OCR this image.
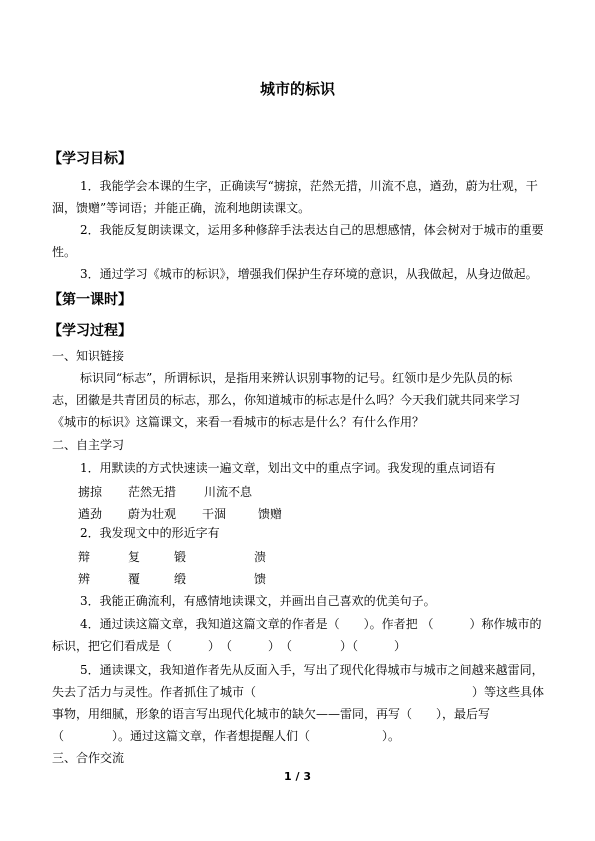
城市的标识
【学习目标】
1．我能学会本课的生字，正确读写“掳掠，茫然无措，川流不息，遒劲，蔚为壮观，干
涸，馈赠”等词语；并能正确，流利地朗读课文。
2．我能反复朗读课文，运用多种修辞手法表达自己的思想感情，体会树对于城市的重要
性。
3．通过学习《城市的标识》，增强我们保护生存环境的意识，从我做起，从身边做起。
【第一课时】
【学习过程】
一、知识链接
标识同“标志”，所谓标识，是指用来辨认识别事物的记号。红领巾是少先队员的标
志，团徽是共青团员的标志，那么，你知道城市的标志是什么吗？今天我们就共同来学习
《城市的标识》这篇课文，来看一看城市的标志是什么？有什么作用？
二、自主学习
1．用默读的方式快速读一遍文章，划出文中的重点字词。我发现的重点词语有
掳掠 茫然无措 川流不息
遒劲 蔚为壮观 干涸	馈赠
2．我发现文中的形近字有
辩	复	锻	溃
辨	覆	缎	馈
3．我能正确流利，有感情地读课文，并画出自己喜欢的优美句子。
4．通过读这篇文章，我知道这篇文章的作者是（　　）。作者把 （　　　）称作城市的
标识，把它们看成是（　　　）　（　　　）　（　　　　）（　　　）
5．通读课文，我知道作者先从反面入手，写出了现代化得城市与城市之间越来越雷同，
失去了活力与灵性。作者抓住了城市（　　　　　　　　　　　　　　　　　　）等这些具体
事物，用细腻，形象的语言写出现代化城市的缺欠——雷同，再写（　　），最后写
（　　　　）。通过这篇文章，作者想提醒人们（　　　　　　）。
三、合作交流
1 / 3
